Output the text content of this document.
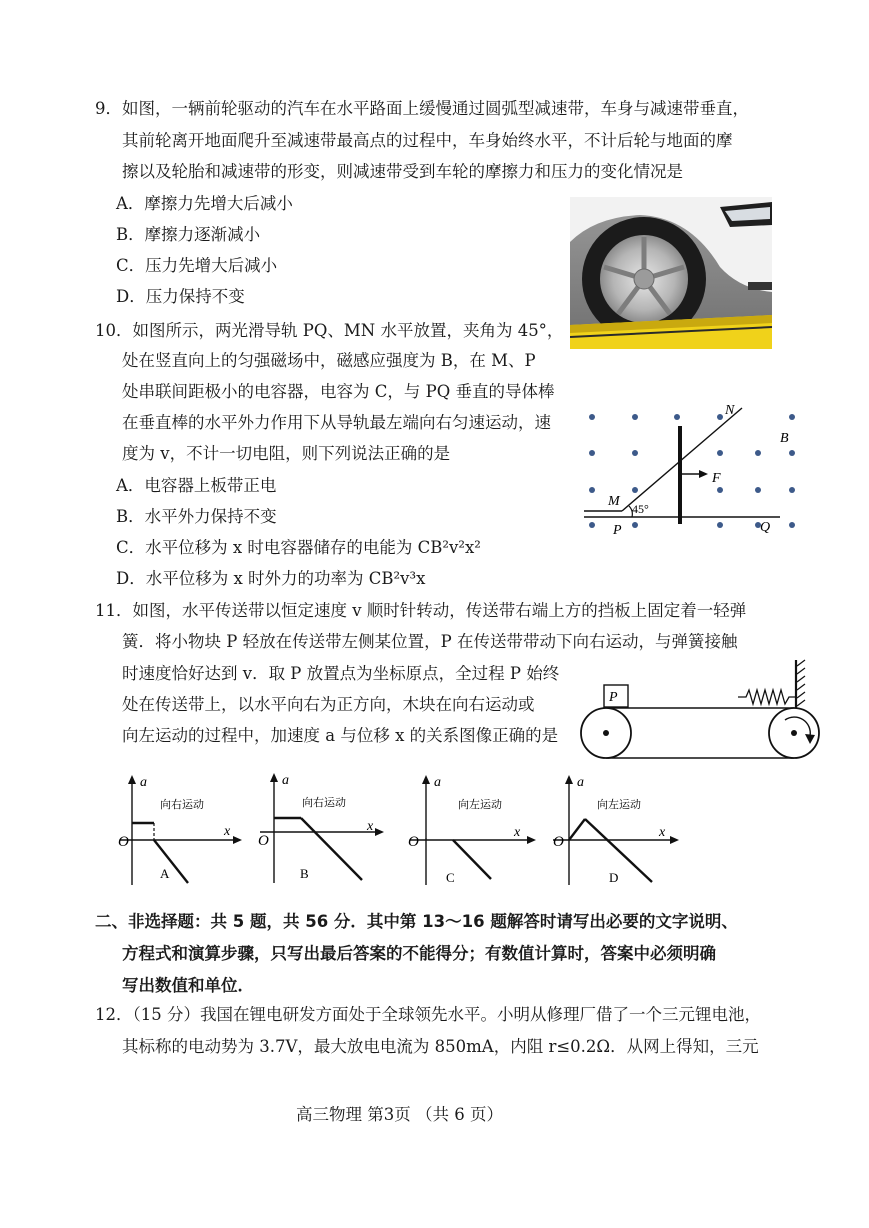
9．如图，一辆前轮驱动的汽车在水平路面上缓慢通过圆弧型减速带，车身与减速带垂直，
其前轮离开地面爬升至减速带最高点的过程中，车身始终水平，不计后轮与地面的摩
擦以及轮胎和减速带的形变，则减速带受到车轮的摩擦力和压力的变化情况是
A．摩擦力先增大后减小
B．摩擦力逐渐减小
C．压力先增大后减小
D．压力保持不变
10．如图所示，两光滑导轨 PQ、MN 水平放置，夹角为 45°，
处在竖直向上的匀强磁场中，磁感应强度为 B，在 M、P
处串联间距极小的电容器，电容为 C，与 PQ 垂直的导体棒
在垂直棒的水平外力作用下从导轨最左端向右匀速运动，速
度为 v，不计一切电阻，则下列说法正确的是
A．电容器上板带正电
B．水平外力保持不变
C．水平位移为 x 时电容器储存的电能为 CB²v²x²
D．水平位移为 x 时外力的功率为 CB²v³x
N
B
F
M
P	Q
45°
11．如图，水平传送带以恒定速度 v 顺时针转动，传送带右端上方的挡板上固定着一轻弹
簧．将小物块 P 轻放在传送带左侧某位置，P 在传送带带动下向右运动，与弹簧接触
时速度恰好达到 v．取 P 放置点为坐标原点，全过程 P 始终
处在传送带上，以水平向右为正方向，木块在向右运动或
向左运动的过程中，加速度 a 与位移 x 的关系图像正确的是
P
a
x
O
向右运动
A
a
x
O
向右运动
B
a
x
O
向左运动
C
a
x
O
向左运动
D
二、非选择题：共 5 题，共 56 分．其中第 13～16 题解答时请写出必要的文字说明、
方程式和演算步骤，只写出最后答案的不能得分；有数值计算时，答案中必须明确
写出数值和单位．
12．（15 分）我国在锂电研发方面处于全球领先水平。小明从修理厂借了一个三元锂电池，
其标称的电动势为 3.7V，最大放电电流为 850mA，内阻 r≤0.2Ω．从网上得知，三元
高三物理 第3页 （共 6 页）
